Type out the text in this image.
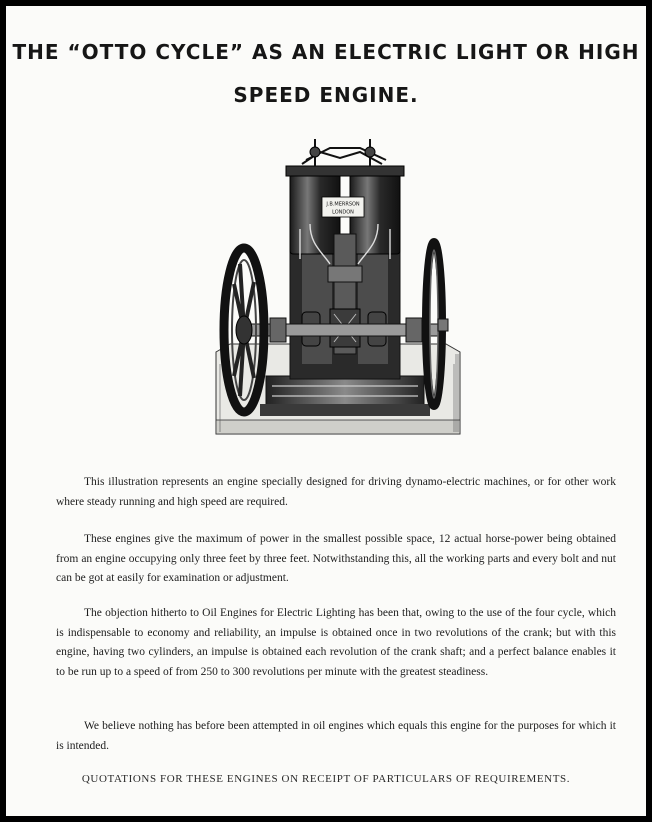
THE “OTTO CYCLE” AS AN ELECTRIC LIGHT OR HIGH
SPEED ENGINE.
J.B.MERRSON
LONDON

This illustration represents an engine specially designed for driving dynamo-electric machines, or for other work where steady running and high speed are required.

These engines give the maximum of power in the smallest possible space, 12 actual horse-power being obtained from an engine occupying only three feet by three feet. Notwithstanding this, all the working parts and every bolt and nut can be got at easily for examination or adjustment.

The objection hitherto to Oil Engines for Electric Lighting has been that, owing to the use of the four cycle, which is indispensable to economy and reliability, an impulse is obtained once in two revolutions of the crank; but with this engine, having two cylinders, an impulse is obtained each revolution of the crank shaft; and a perfect balance enables it to be run up to a speed of from 250 to 300 revolutions per minute with the greatest steadiness.

We believe nothing has before been attempted in oil engines which equals this engine for the purposes for which it is intended.

QUOTATIONS FOR THESE ENGINES ON RECEIPT OF PARTICULARS OF REQUIREMENTS.
